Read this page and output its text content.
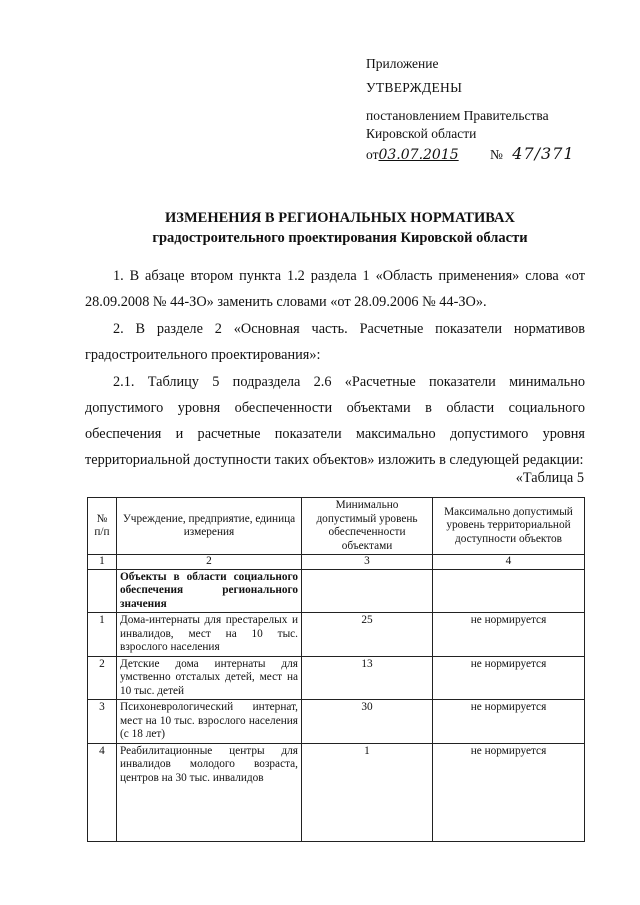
Приложение
УТВЕРЖДЕНЫ
постановлением Правительства
Кировской области
от03.07.2015 № 47/371
ИЗМЕНЕНИЯ В РЕГИОНАЛЬНЫХ НОРМАТИВАХ
градостроительного проектирования Кировской области
1. В абзаце втором пункта 1.2 раздела 1 «Область применения» слова «от 28.09.2008 № 44-ЗО» заменить словами «от 28.09.2006 № 44-ЗО».
2. В разделе 2 «Основная часть. Расчетные показатели нормативов градостроительного проектирования»:
2.1. Таблицу 5 подраздела 2.6 «Расчетные показатели минимально допустимого уровня обеспеченности объектами в области социального обеспечения и расчетные показатели максимально допустимого уровня территориальной доступности таких объектов» изложить в следующей редакции:
«Таблица 5
№ п/п	Учреждение, предприятие, единица измерения	Минимально допустимый уровень обеспеченности объектами	Максимально допустимый уровень территориальной доступности объектов
1	2	3	4
	Объекты в области социального обеспечения регионального значения		
1	Дома-интернаты для престарелых и инвалидов, мест на 10 тыс. взрослого населения	25	не нормируется
2	Детские дома интернаты для умственно отсталых детей, мест на 10 тыс. детей	13	не нормируется
3	Психоневрологический интернат, мест на 10 тыс. взрослого населения (с 18 лет)	30	не нормируется
4	Реабилитационные центры для инвалидов молодого возраста, центров на 30 тыс. инвалидов	1	не нормируется
